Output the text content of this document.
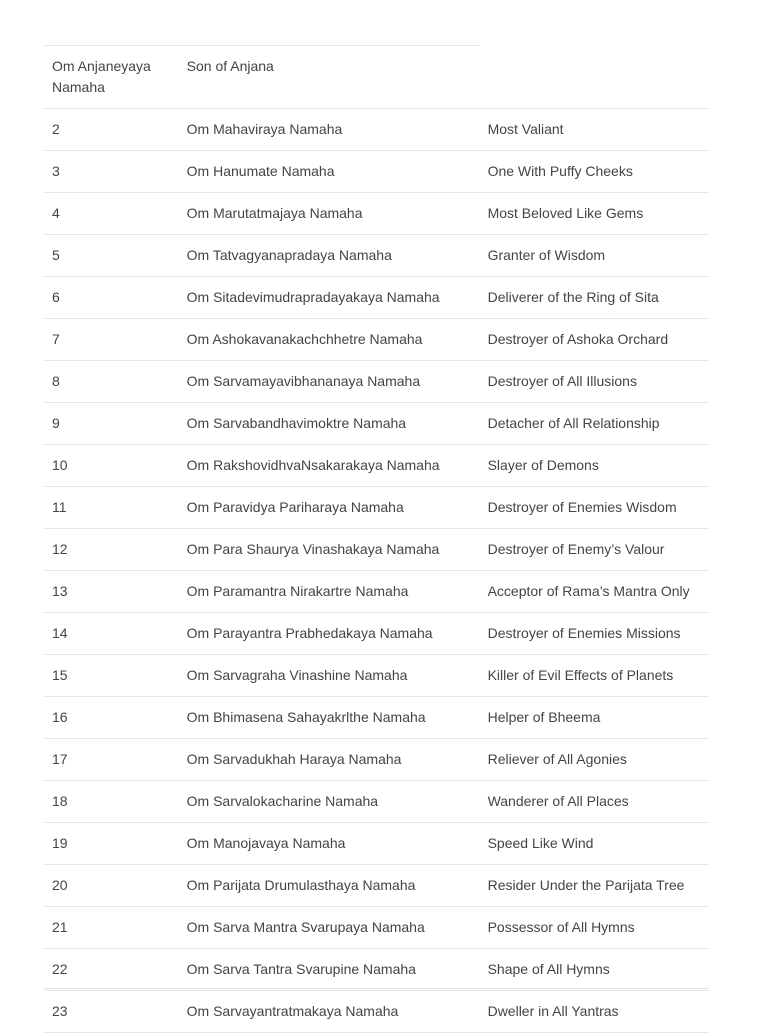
Om Anjaneyaya Namaha	Son of Anjana	
2	Om Mahaviraya Namaha	Most Valiant
3	Om Hanumate Namaha	One With Puffy Cheeks
4	Om Marutatmajaya Namaha	Most Beloved Like Gems
5	Om Tatvagyanapradaya Namaha	Granter of Wisdom
6	Om Sitadevimudrapradayakaya Namaha	Deliverer of the Ring of Sita
7	Om Ashokavanakachchhetre Namaha	Destroyer of Ashoka Orchard
8	Om Sarvamayavibhananaya Namaha	Destroyer of All Illusions
9	Om Sarvabandhavimoktre Namaha	Detacher of All Relationship
10	Om RakshovidhvaNsakarakaya Namaha	Slayer of Demons
11	Om Paravidya Pariharaya Namaha	Destroyer of Enemies Wisdom
12	Om Para Shaurya Vinashakaya Namaha	Destroyer of Enemy’s Valour
13	Om Paramantra Nirakartre Namaha	Acceptor of Rama’s Mantra Only
14	Om Parayantra Prabhedakaya Namaha	Destroyer of Enemies Missions
15	Om Sarvagraha Vinashine Namaha	Killer of Evil Effects of Planets
16	Om Bhimasena Sahayakrlthe Namaha	Helper of Bheema
17	Om Sarvadukhah Haraya Namaha	Reliever of All Agonies
18	Om Sarvalokacharine Namaha	Wanderer of All Places
19	Om Manojavaya Namaha	Speed Like Wind
20	Om Parijata Drumulasthaya Namaha	Resider Under the Parijata Tree
21	Om Sarva Mantra Svarupaya Namaha	Possessor of All Hymns
22	Om Sarva Tantra Svarupine Namaha	Shape of All Hymns
23	Om Sarvayantratmakaya Namaha	Dweller in All Yantras
